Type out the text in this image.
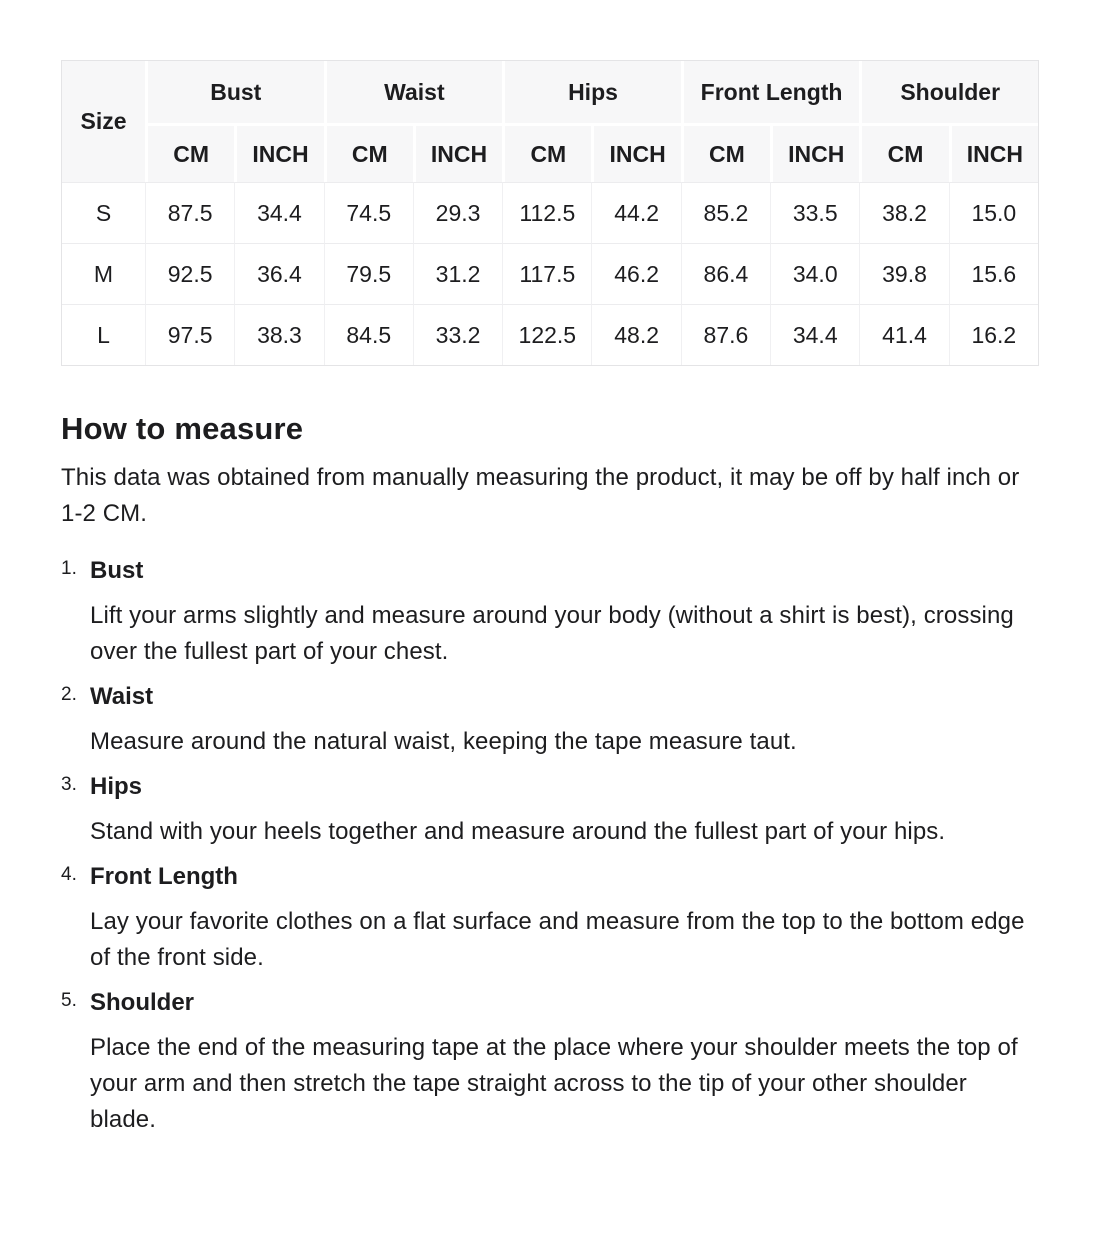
Size	Bust		Waist		Hips		Front Length		Shoulder	
	CM	INCH	CM	INCH	CM	INCH	CM	INCH	CM	INCH
S	87.5	34.4	74.5	29.3	112.5	44.2	85.2	33.5	38.2	15.0
M	92.5	36.4	79.5	31.2	117.5	46.2	86.4	34.0	39.8	15.6
L	97.5	38.3	84.5	33.2	122.5	48.2	87.6	34.4	41.4	16.2
How to measure

This data was obtained from manually measuring the product, it may be off by half inch or 1-2 CM.

1. Bust

Lift your arms slightly and measure around your body (without a shirt is best), crossing over the fullest part of your chest.

2. Waist

Measure around the natural waist, keeping the tape measure taut.

3. Hips

Stand with your heels together and measure around the fullest part of your hips.

4. Front Length

Lay your favorite clothes on a flat surface and measure from the top to the bottom edge of the front side.

5. Shoulder

Place the end of the measuring tape at the place where your shoulder meets the top of your arm and then stretch the tape straight across to the tip of your other shoulder blade.
